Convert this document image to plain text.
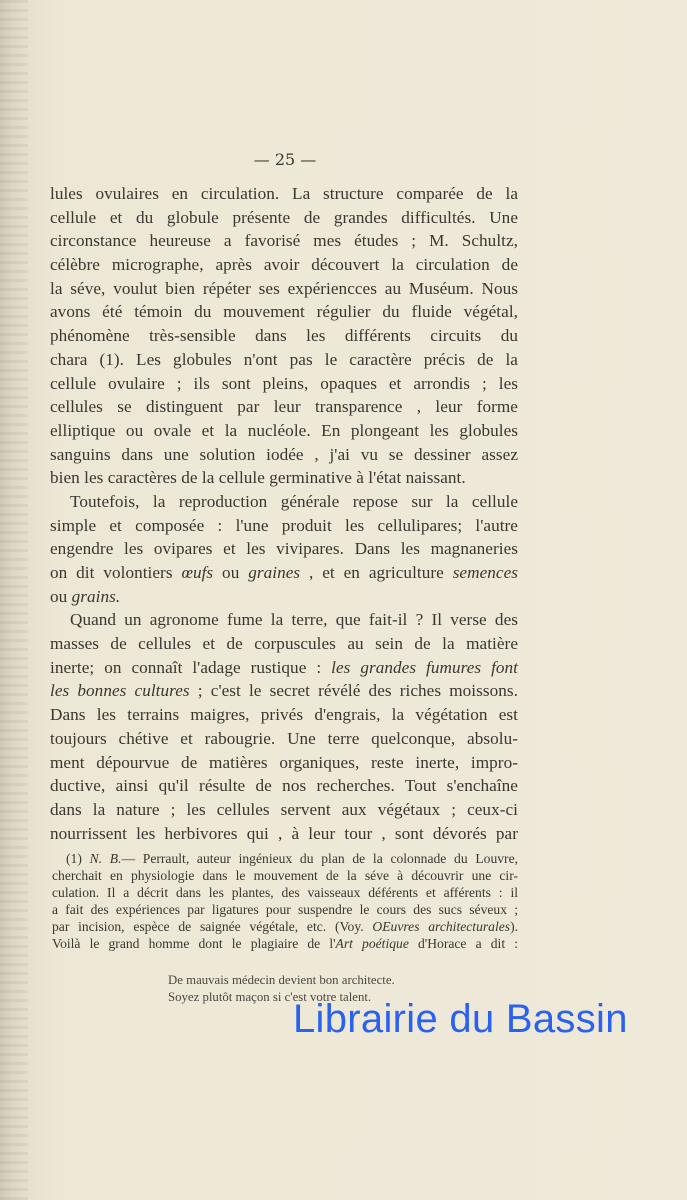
— 25 —
lules ovulaires en circulation. La structure comparée de la
cellule et du globule présente de grandes difficultés. Une
circonstance heureuse a favorisé mes études ; M. Schultz,
célèbre micrographe, après avoir découvert la circulation de
la séve, voulut bien répéter ses expériencces au Muséum. Nous
avons été témoin du mouvement régulier du fluide végétal,
phénomène très-sensible dans les différents circuits du
chara (1). Les globules n'ont pas le caractère précis de la
cellule ovulaire ; ils sont pleins, opaques et arrondis ; les
cellules se distinguent par leur transparence , leur forme
elliptique ou ovale et la nucléole. En plongeant les globules
sanguins dans une solution iodée , j'ai vu se dessiner assez
bien les caractères de la cellule germinative à l'état naissant.
Toutefois, la reproduction générale repose sur la cellule
simple et composée : l'une produit les cellulipares; l'autre
engendre les ovipares et les vivipares. Dans les magnaneries
on dit volontiers œufs ou graines , et en agriculture semences
ou grains.
Quand un agronome fume la terre, que fait-il ? Il verse des
masses de cellules et de corpuscules au sein de la matière
inerte; on connaît l'adage rustique : les grandes fumures font
les bonnes cultures ; c'est le secret révélé des riches moissons.
Dans les terrains maigres, privés d'engrais, la végétation est
toujours chétive et rabougrie. Une terre quelconque, absolu-
ment dépourvue de matières organiques, reste inerte, impro-
ductive, ainsi qu'il résulte de nos recherches. Tout s'enchaîne
dans la nature ; les cellules servent aux végétaux ; ceux-ci
nourrissent les herbivores qui , à leur tour , sont dévorés par
(1) N. B.— Perrault, auteur ingénieux du plan de la colonnade du Louvre,
cherchait en physiologie dans le mouvement de la séve à découvrir une cir-
culation. Il a décrit dans les plantes, des vaisseaux déférents et afférents : il
a fait des expériences par ligatures pour suspendre le cours des sucs séveux ;
par incision, espèce de saignée végétale, etc. (Voy. OEuvres architecturales).
Voilà le grand homme dont le plagiaire de l'Art poétique d'Horace a dit :
De mauvais médecin devient bon architecte.
Soyez plutôt maçon si c'est votre talent.
Librairie du Bassin
